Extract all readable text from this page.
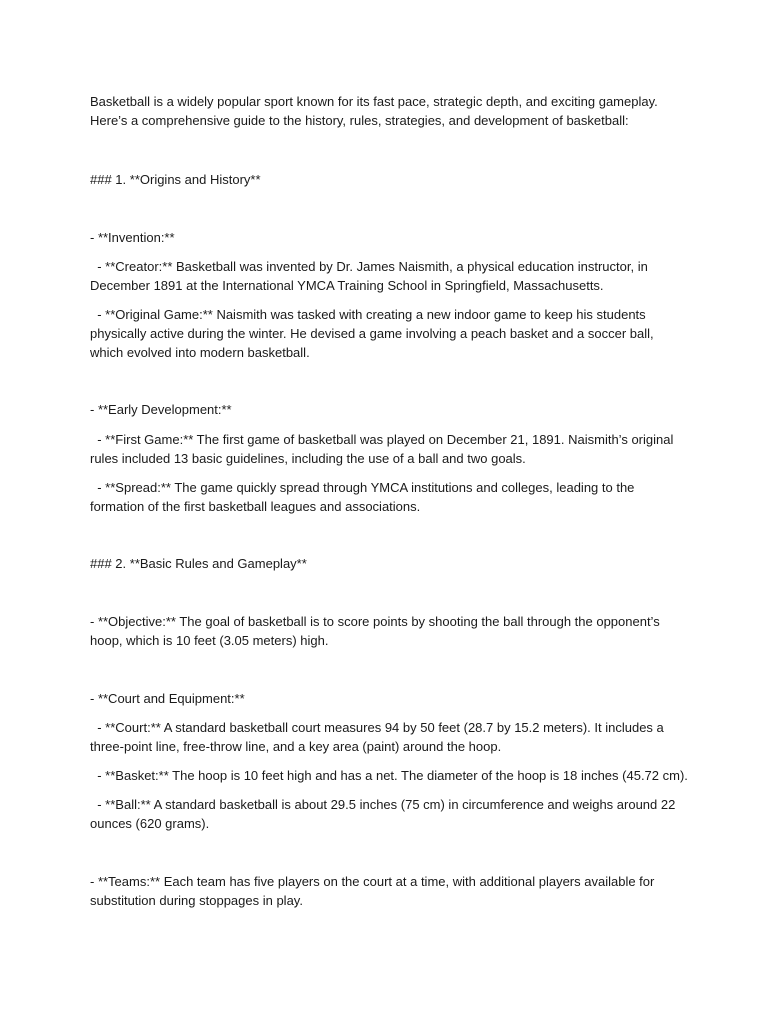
Basketball is a widely popular sport known for its fast pace, strategic depth, and exciting gameplay. Here’s a comprehensive guide to the history, rules, strategies, and development of basketball:

### 1. **Origins and History**

- **Invention:**

- **Creator:** Basketball was invented by Dr. James Naismith, a physical education instructor, in December 1891 at the International YMCA Training School in Springfield, Massachusetts.

- **Original Game:** Naismith was tasked with creating a new indoor game to keep his students physically active during the winter. He devised a game involving a peach basket and a soccer ball, which evolved into modern basketball.

- **Early Development:**

- **First Game:** The first game of basketball was played on December 21, 1891. Naismith’s original rules included 13 basic guidelines, including the use of a ball and two goals.

- **Spread:** The game quickly spread through YMCA institutions and colleges, leading to the formation of the first basketball leagues and associations.

### 2. **Basic Rules and Gameplay**

- **Objective:** The goal of basketball is to score points by shooting the ball through the opponent’s hoop, which is 10 feet (3.05 meters) high.

- **Court and Equipment:**

- **Court:** A standard basketball court measures 94 by 50 feet (28.7 by 15.2 meters). It includes a three-point line, free-throw line, and a key area (paint) around the hoop.

- **Basket:** The hoop is 10 feet high and has a net. The diameter of the hoop is 18 inches (45.72 cm).

- **Ball:** A standard basketball is about 29.5 inches (75 cm) in circumference and weighs around 22 ounces (620 grams).

- **Teams:** Each team has five players on the court at a time, with additional players available for substitution during stoppages in play.
